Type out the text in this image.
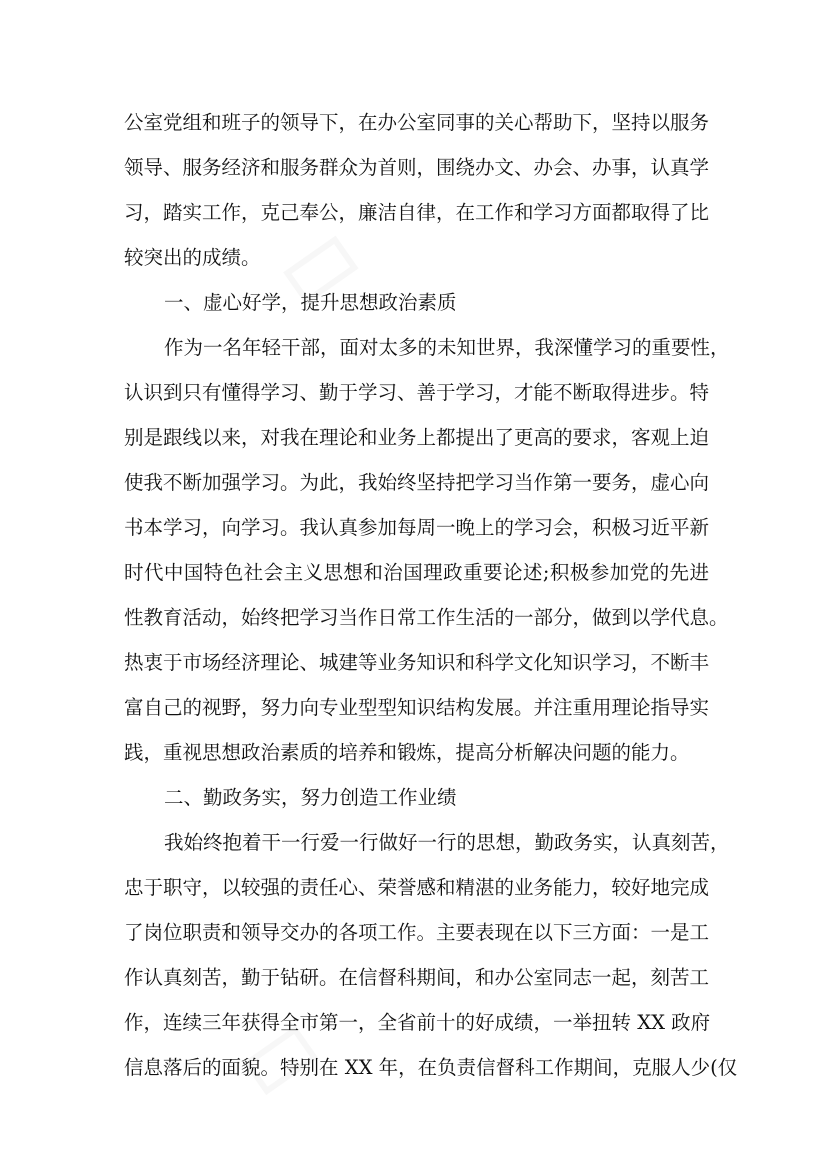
公室党组和班子的领导下，在办公室同事的关心帮助下，坚持以服务
领导、服务经济和服务群众为首则，围绕办文、办会、办事，认真学
习，踏实工作，克己奉公，廉洁自律，在工作和学习方面都取得了比
较突出的成绩。
一、虚心好学，提升思想政治素质
作为一名年轻干部，面对太多的未知世界，我深懂学习的重要性，
认识到只有懂得学习、勤于学习、善于学习，才能不断取得进步。特
别是跟线以来，对我在理论和业务上都提出了更高的要求，客观上迫
使我不断加强学习。为此，我始终坚持把学习当作第一要务，虚心向
书本学习，向学习。我认真参加每周一晚上的学习会，积极习近平新
时代中国特色社会主义思想和治国理政重要论述;积极参加党的先进
性教育活动，始终把学习当作日常工作生活的一部分，做到以学代息。
热衷于市场经济理论、城建等业务知识和科学文化知识学习，不断丰
富自己的视野，努力向专业型型知识结构发展。并注重用理论指导实
践，重视思想政治素质的培养和锻炼，提高分析解决问题的能力。
二、勤政务实，努力创造工作业绩
我始终抱着干一行爱一行做好一行的思想，勤政务实，认真刻苦，
忠于职守，以较强的责任心、荣誉感和精湛的业务能力，较好地完成
了岗位职责和领导交办的各项工作。主要表现在以下三方面：一是工
作认真刻苦，勤于钻研。在信督科期间，和办公室同志一起，刻苦工
作，连续三年获得全市第一，全省前十的好成绩，一举扭转 XX 政府
信息落后的面貌。特别在 XX 年，在负责信督科工作期间，克服人少(仅
